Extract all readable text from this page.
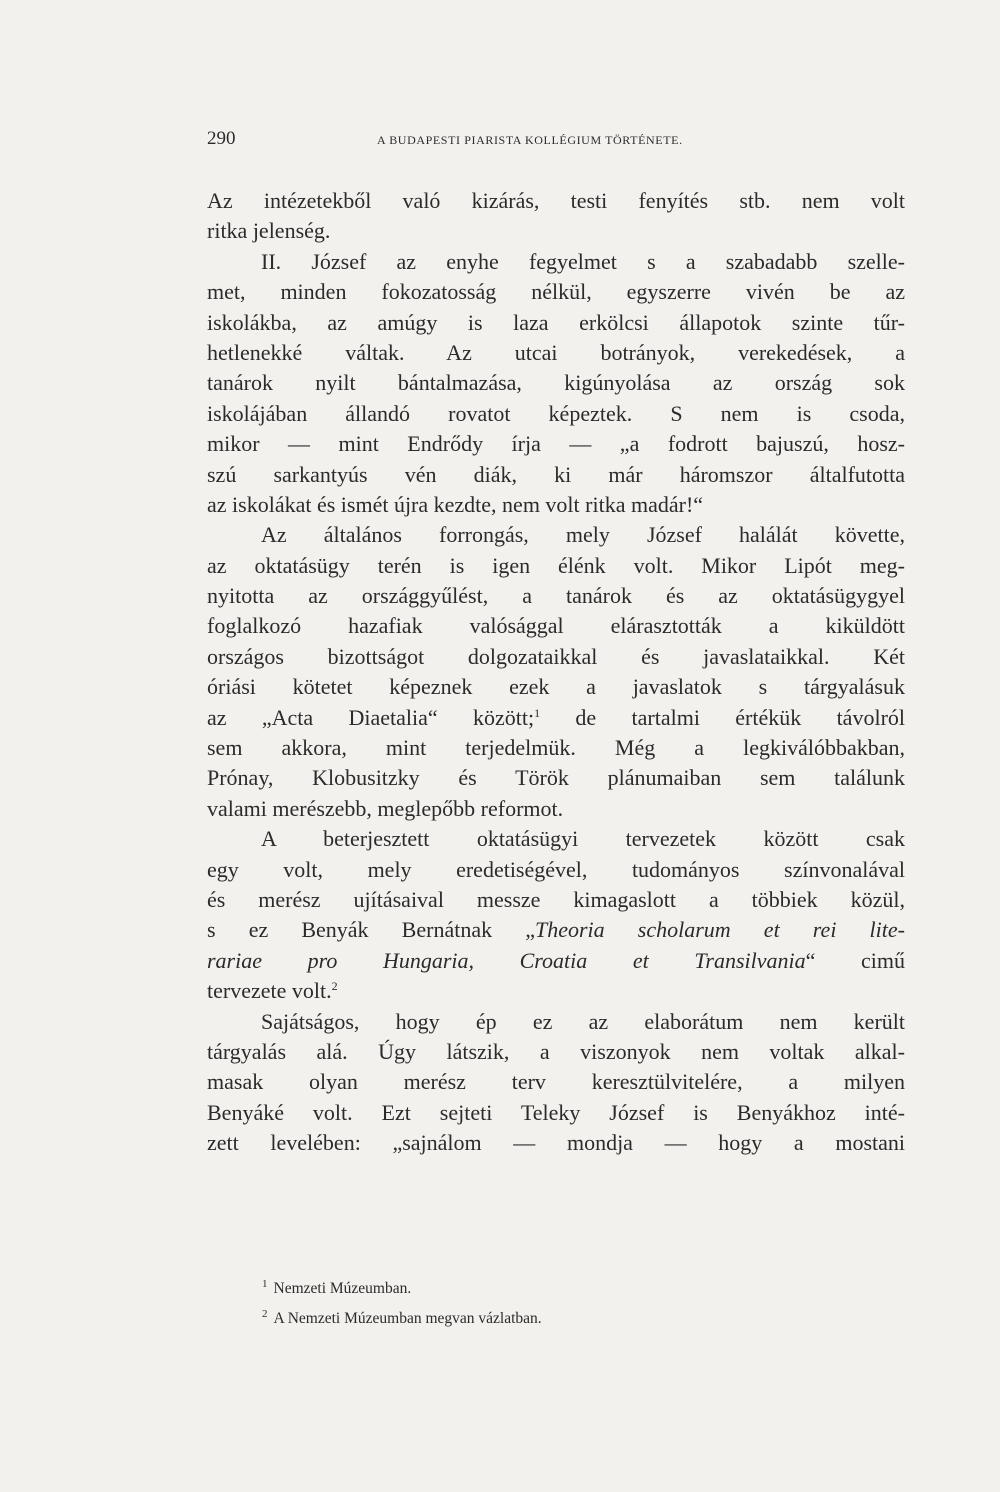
290	A BUDAPESTI PIARISTA KOLLÉGIUM TÖRTÉNETE.
Az intézetekből való kizárás, testi fenyítés stb. nem volt
ritka jelenség.
II. József az enyhe fegyelmet s a szabadabb szelle-
met, minden fokozatosság nélkül, egyszerre vivén be az
iskolákba, az amúgy is laza erkölcsi állapotok szinte tűr-
hetlenekké váltak. Az utcai botrányok, verekedések, a
tanárok nyilt bántalmazása, kigúnyolása az ország sok
iskolájában állandó rovatot képeztek. S nem is csoda,
mikor — mint Endrődy írja — „a fodrott bajuszú, hosz-
szú sarkantyús vén diák, ki már háromszor általfutotta
az iskolákat és ismét újra kezdte, nem volt ritka madár!“
Az általános forrongás, mely József halálát követte,
az oktatásügy terén is igen élénk volt. Mikor Lipót meg-
nyitotta az országgyűlést, a tanárok és az oktatásügygyel
foglalkozó hazafiak valósággal elárasztották a kiküldött
országos bizottságot dolgozataikkal és javaslataikkal. Két
óriási kötetet képeznek ezek a javaslatok s tárgyalásuk
az „Acta Diaetalia“ között;$^1$ de tartalmi értékük távolról
sem akkora, mint terjedelmük. Még a legkiválóbbakban,
Prónay, Klobusitzky és Török plánumaiban sem találunk
valami merészebb, meglepőbb reformot.
A beterjesztett oktatásügyi tervezetek között csak
egy volt, mely eredetiségével, tudományos színvonalával
és merész ujításaival messze kimagaslott a többiek közül,
s ez Benyák Bernátnak „Theoria scholarum et rei lite-
rariae pro Hungaria, Croatia et Transilvania“ cimű
tervezete volt.$^2$
Sajátságos, hogy ép ez az elaborátum nem került
tárgyalás alá. Úgy látszik, a viszonyok nem voltak alkal-
masak olyan merész terv keresztülvitelére, a milyen
Benyáké volt. Ezt sejteti Teleky József is Benyákhoz inté-
zett levelében: „sajnálom — mondja — hogy a mostani
$^1$ Nemzeti Múzeumban.
$^2$ A Nemzeti Múzeumban megvan vázlatban.
